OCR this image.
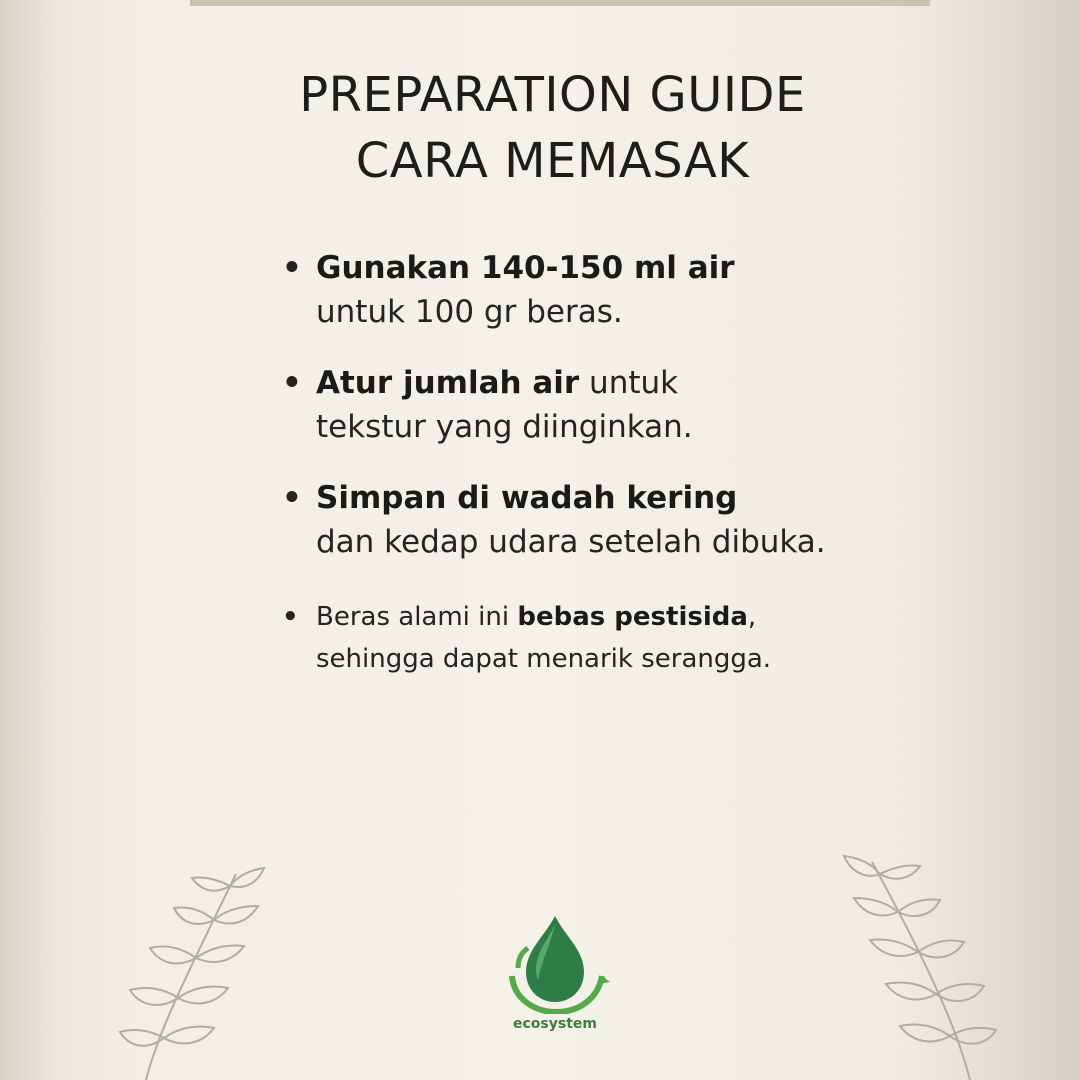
PREPARATION GUIDE
CARA MEMASAK
• Gunakan 140-150 ml air
untuk 100 gr beras.
• Atur jumlah air untuk
tekstur yang diinginkan.
• Simpan di wadah kering
dan kedap udara setelah dibuka.
• Beras alami ini bebas pestisida,
sehingga dapat menarik serangga.
ecosystem
